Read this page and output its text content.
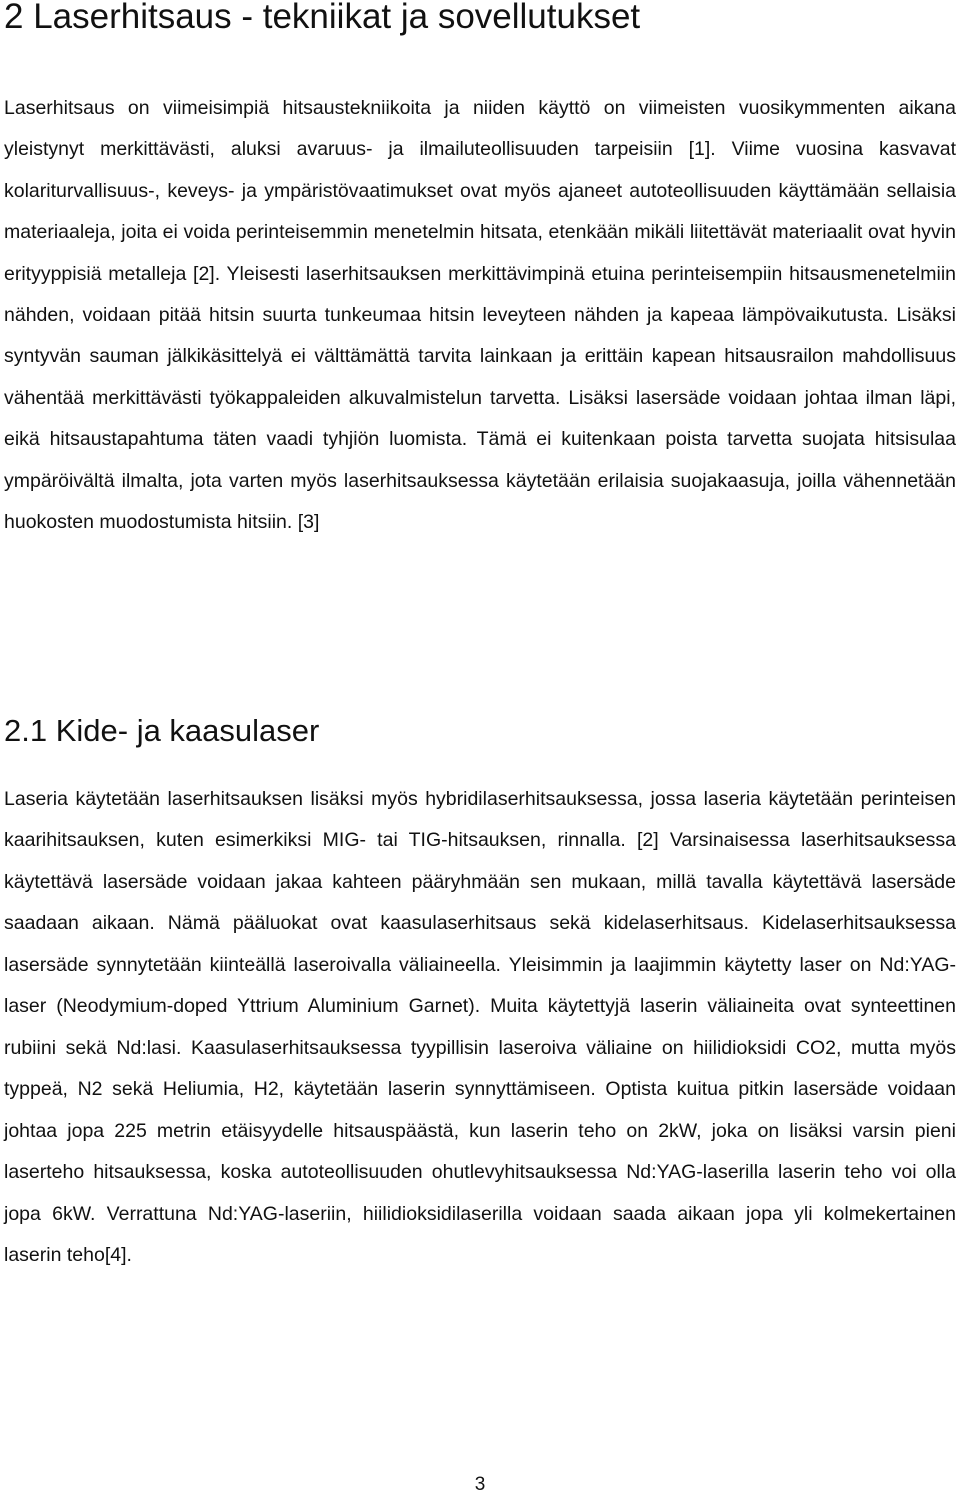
2 Laserhitsaus - tekniikat ja sovellutukset

Laserhitsaus on viimeisimpiä hitsaustekniikoita ja niiden käyttö on viimeisten vuosikymmenten aikana yleistynyt merkittävästi, aluksi avaruus- ja ilmailuteollisuuden tarpeisiin [1]. Viime vuosina kasvavat kolariturvallisuus-, keveys- ja ympäristövaatimukset ovat myös ajaneet autoteollisuuden käyttämään sellaisia materiaaleja, joita ei voida perinteisemmin menetelmin hitsata, etenkään mikäli liitettävät materiaalit ovat hyvin erityyppisiä metalleja [2]. Yleisesti laserhitsauksen merkittävimpinä etuina perinteisempiin hitsausmenetelmiin nähden, voidaan pitää hitsin suurta tunkeumaa hitsin leveyteen nähden ja kapeaa lämpövaikutusta. Lisäksi syntyvän sauman jälkikäsittelyä ei välttämättä tarvita lainkaan ja erittäin kapean hitsausrailon mahdollisuus vähentää merkittävästi työkappaleiden alkuvalmistelun tarvetta. Lisäksi lasersäde voidaan johtaa ilman läpi, eikä hitsaustapahtuma täten vaadi tyhjiön luomista. Tämä ei kuitenkaan poista tarvetta suojata hitsisulaa ympäröivältä ilmalta, jota varten myös laserhitsauksessa käytetään erilaisia suojakaasuja, joilla vähennetään huokosten muodostumista hitsiin. [3]

2.1 Kide- ja kaasulaser

Laseria käytetään laserhitsauksen lisäksi myös hybridilaserhitsauksessa, jossa laseria käytetään perinteisen kaarihitsauksen, kuten esimerkiksi MIG- tai TIG-hitsauksen, rinnalla. [2] Varsinaisessa laserhitsauksessa käytettävä lasersäde voidaan jakaa kahteen pääryhmään sen mukaan, millä tavalla käytettävä lasersäde saadaan aikaan. Nämä pääluokat ovat kaasulaserhitsaus sekä kidelaserhitsaus. Kidelaserhitsauksessa lasersäde synnytetään kiinteällä laseroivalla väliaineella. Yleisimmin ja laajimmin käytetty laser on Nd:YAG-laser (Neodymium-doped Yttrium Aluminium Garnet). Muita käytettyjä laserin väliaineita ovat synteettinen rubiini sekä Nd:lasi. Kaasulaserhitsauksessa tyypillisin laseroiva väliaine on hiilidioksidi CO2, mutta myös typpeä, N2 sekä Heliumia, H2, käytetään laserin synnyttämiseen. Optista kuitua pitkin lasersäde voidaan johtaa jopa 225 metrin etäisyydelle hitsauspäästä, kun laserin teho on 2kW, joka on lisäksi varsin pieni laserteho hitsauksessa, koska autoteollisuuden ohutlevyhitsauksessa Nd:YAG-laserilla laserin teho voi olla jopa 6kW. Verrattuna Nd:YAG-laseriin, hiilidioksidilaserilla voidaan saada aikaan jopa yli kolmekertainen laserin teho[4].

3
